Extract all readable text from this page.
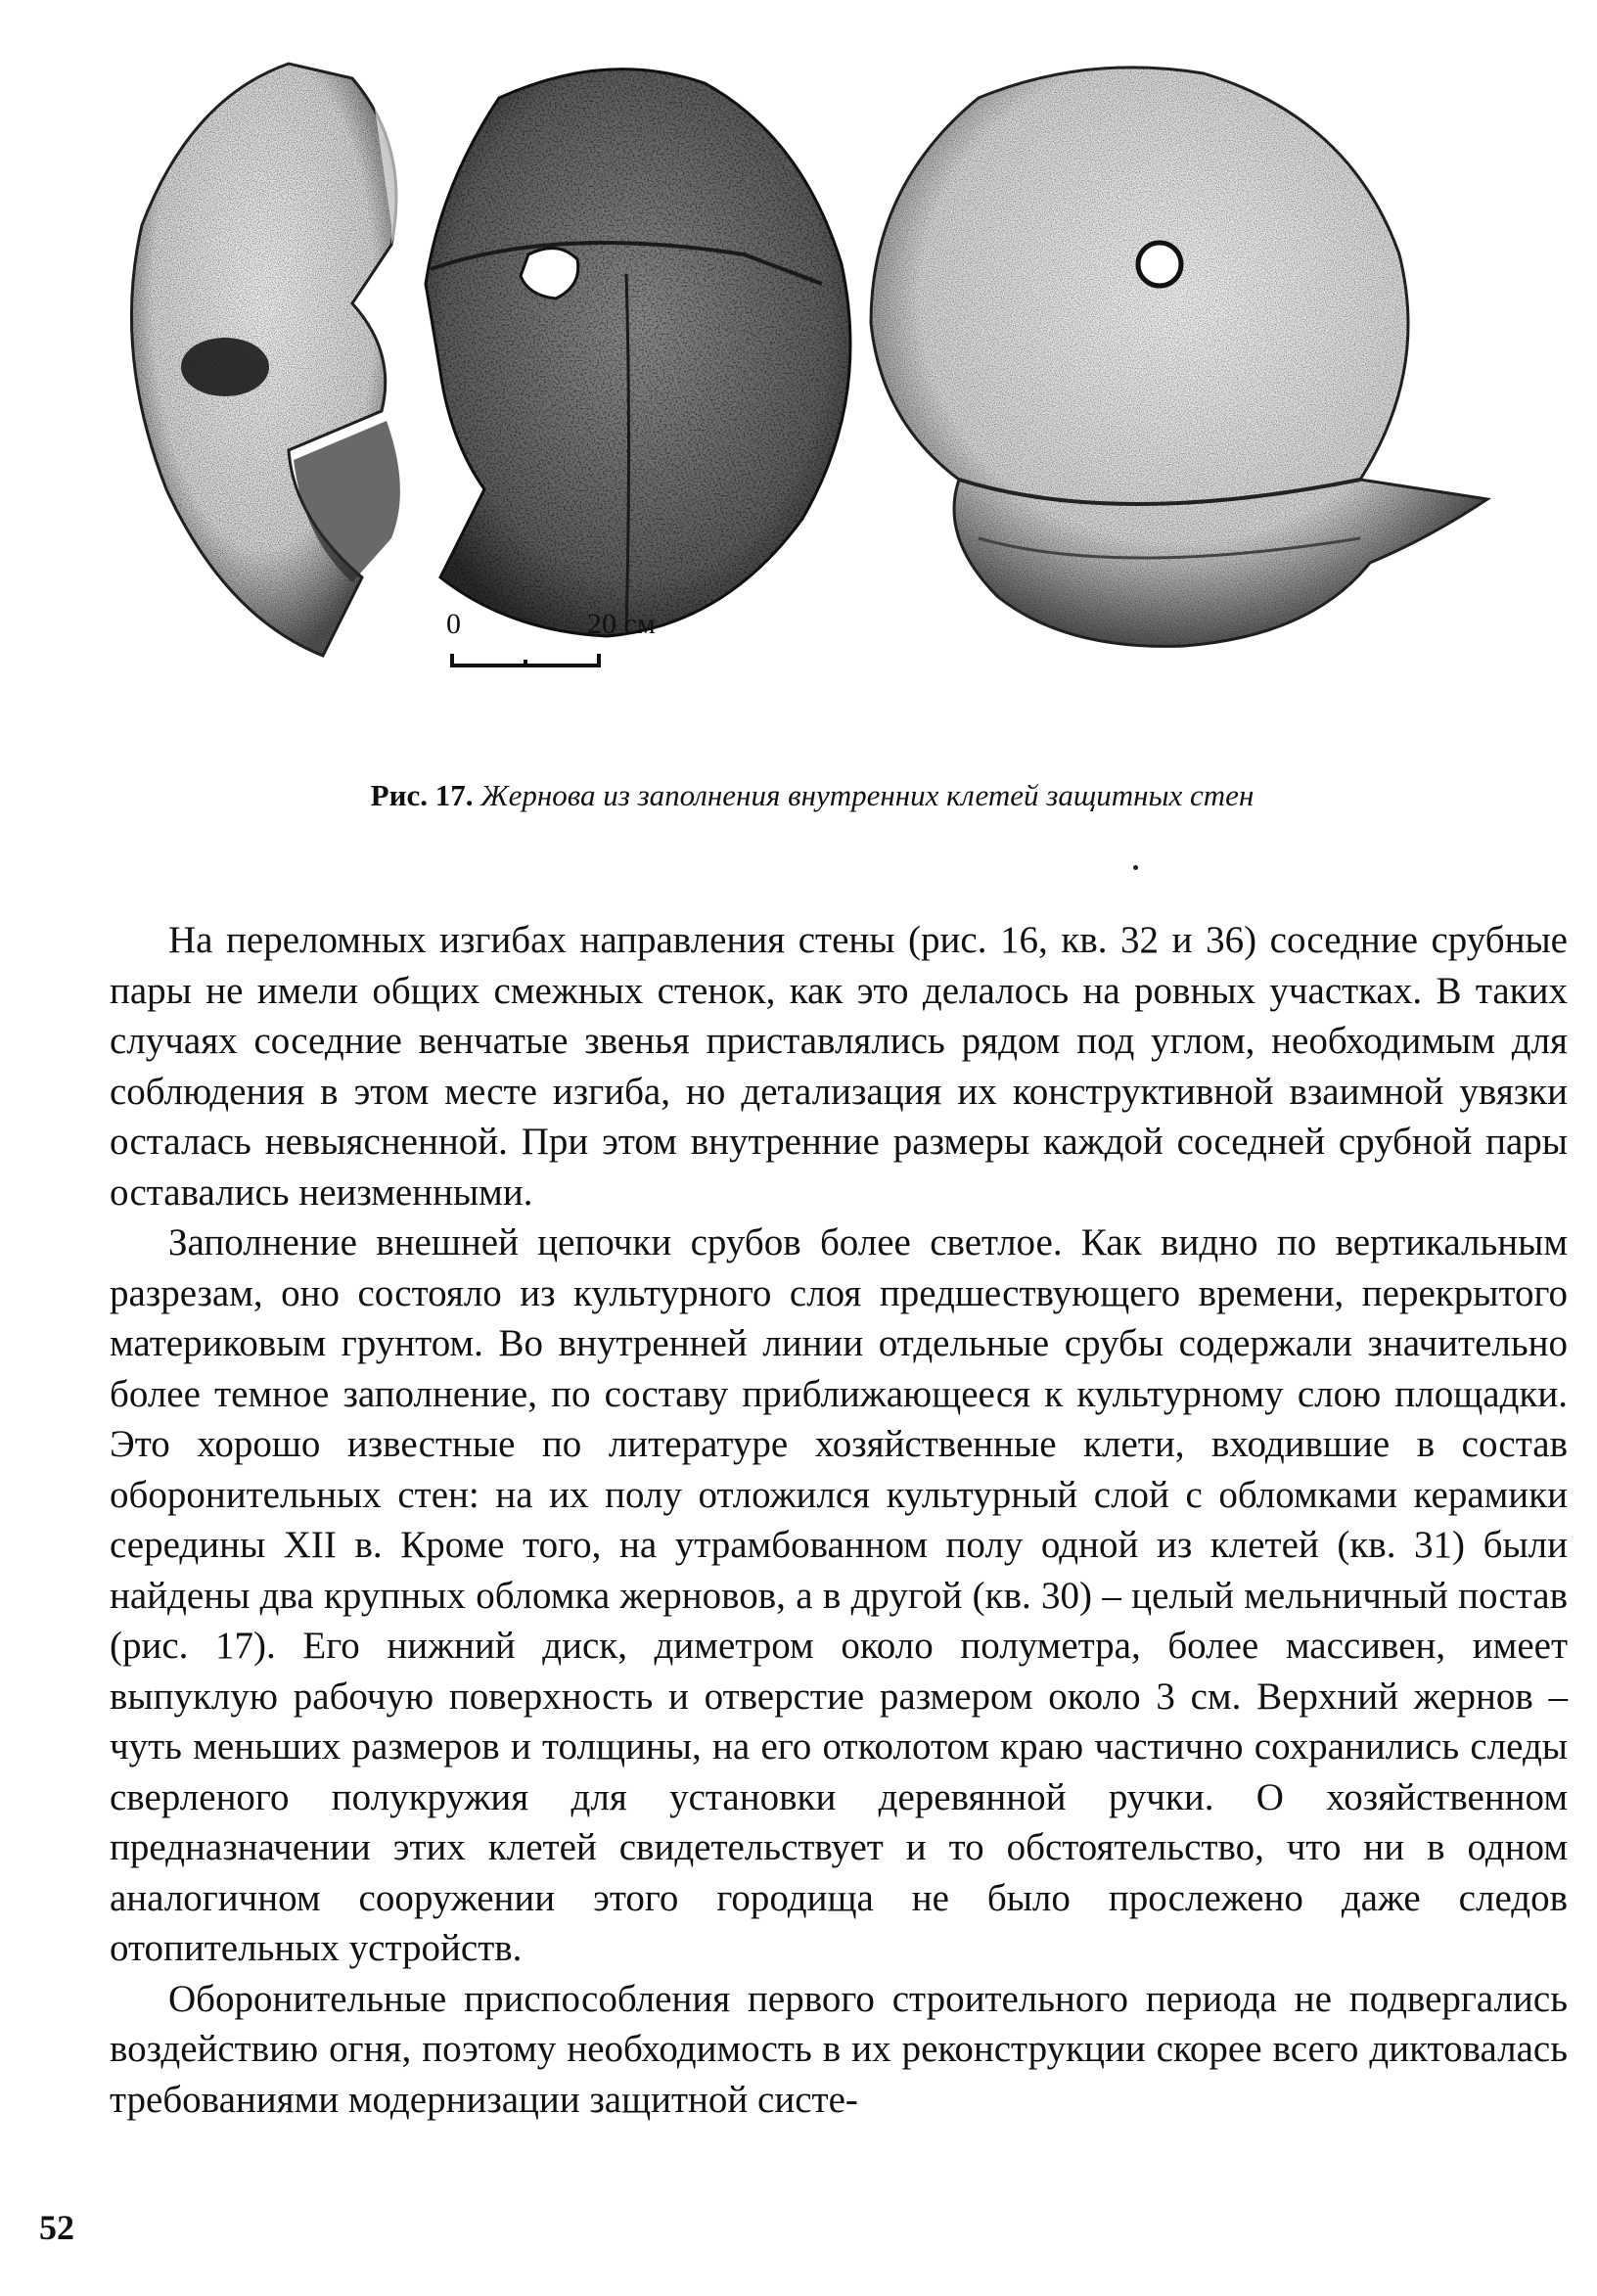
0	20 см
Рис. 17. Жернова из заполнения внутренних клетей защитных стен

На переломных изгибах направления стены (рис. 16, кв. 32 и 36) соседние срубные пары не имели общих смежных стенок, как это делалось на ровных участках. В таких случаях соседние венчатые звенья приставлялись рядом под углом, необходимым для соблюдения в этом месте изгиба, но детализация их конструктивной взаимной увязки осталась невыясненной. При этом внутренние размеры каждой соседней срубной пары оставались неизменными.

Заполнение внешней цепочки срубов более светлое. Как видно по вертикальным разрезам, оно состояло из культурного слоя предшествующего времени, перекрытого материковым грунтом. Во внутренней линии отдельные срубы содержали значительно более темное заполнение, по составу приближающееся к культурному слою площадки. Это хорошо известные по литературе хозяйственные клети, входившие в состав оборонительных стен: на их полу отложился культурный слой с обломками керамики середины XII в. Кроме того, на утрамбованном полу одной из клетей (кв. 31) были найдены два крупных обломка жерновов, а в другой (кв. 30) – целый мельничный постав (рис. 17). Его нижний диск, диметром около полуметра, более массивен, имеет выпуклую рабочую поверхность и отверстие размером около 3 см. Верхний жернов – чуть меньших размеров и толщины, на его отколотом краю частично сохранились следы сверленого полукружия для установки деревянной ручки. О хозяйственном предназначении этих клетей свидетельствует и то обстоятельство, что ни в одном аналогичном сооружении этого городища не было прослежено даже следов отопительных устройств.

Оборонительные приспособления первого строительного периода не подвергались воздействию огня, поэтому необходимость в их реконструкции скорее всего диктовалась требованиями модернизации защитной систе-

52
